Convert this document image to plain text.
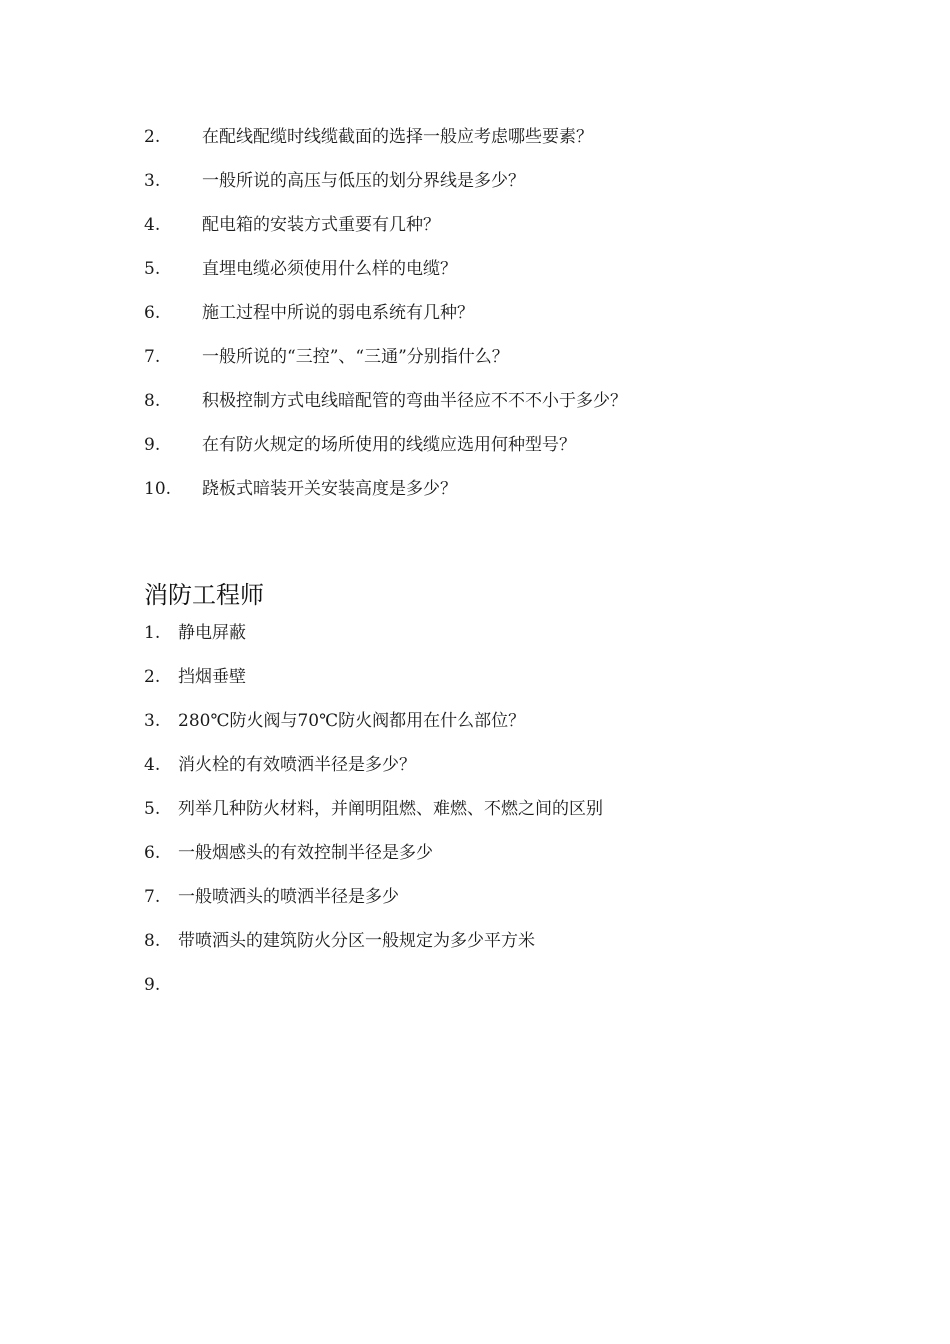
2.	在配线配缆时线缆截面的选择一般应考虑哪些要素？
3.	一般所说的高压与低压的划分界线是多少？
4.	配电箱的安装方式重要有几种？
5.	直埋电缆必须使用什么样的电缆？
6.	施工过程中所说的弱电系统有几种？
7.	一般所说的“三控”、“三通”分别指什么？
8.	积极控制方式电线暗配管的弯曲半径应不不不小于多少？
9.	在有防火规定的场所使用的线缆应选用何种型号？
10.	跷板式暗装开关安装高度是多少？
消防工程师
1.	静电屏蔽
2.	挡烟垂壁
3.	280℃防火阀与70℃防火阀都用在什么部位？
4.	消火栓的有效喷洒半径是多少？
5.	列举几种防火材料，并阐明阻燃、难燃、不燃之间的区别
6.	一般烟感头的有效控制半径是多少
7.	一般喷洒头的喷洒半径是多少
8.	带喷洒头的建筑防火分区一般规定为多少平方米
9.
